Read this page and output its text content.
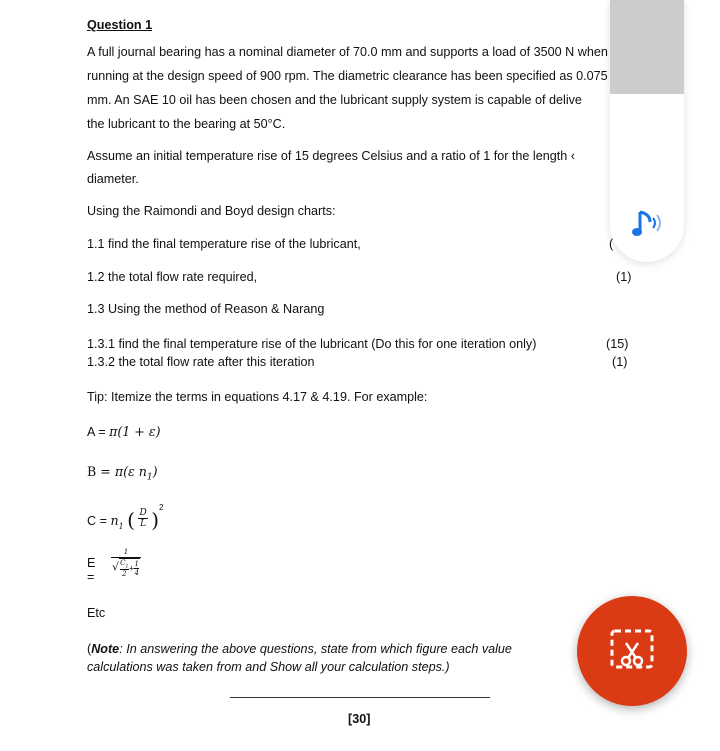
Question 1
A full journal bearing has a nominal diameter of 70.0 mm and supports a load of 3500 N when
running at the design speed of 900 rpm. The diametric clearance has been specified as 0.075
mm. An SAE 10 oil has been chosen and the lubricant supply system is capable of delive
the lubricant to the bearing at 50°C.
Assume an initial temperature rise of 15 degrees Celsius and a ratio of 1 for the length ‹
diameter.
Using the Raimondi and Boyd design charts:
1.1 find the final temperature rise of the lubricant,	(
1.2 the total flow rate required,	(1)
1.3 Using the method of Reason & Narang
1.3.1 find the final temperature rise of the lubricant (Do this for one iteration only)	(15)
1.3.2 the total flow rate after this iteration	(1)
Tip: Itemize the terms in equations 4.17 & 4.19. For example:
A = π(1 + ε)
B = π(ε $n_1$)
$C = n_1$ ( $\frac{D}{L} )^2$
E =
1
√ $\frac{C_1}{2} + \frac{1}{4}$
Etc
(Note: In answering the above questions, state from which figure each value
calculations was taken from and Show all your calculation steps.)
[30]
